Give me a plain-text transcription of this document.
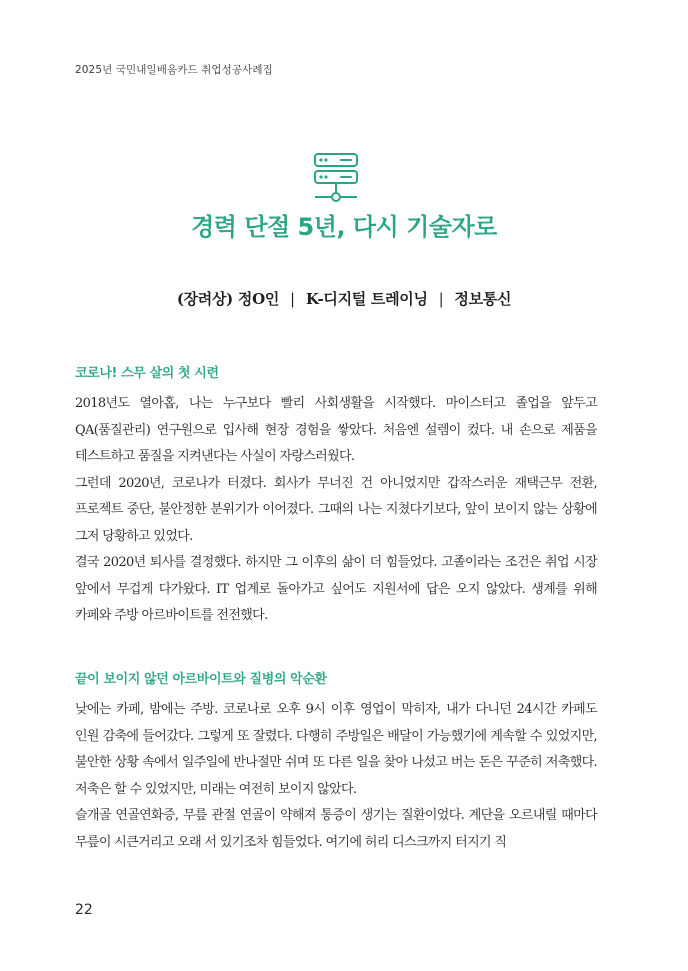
2025년 국민내일배움카드 취업성공사례집
경력 단절 5년, 다시 기술자로
(장려상) 정O인 | K-디지털 트레이닝 | 정보통신
코로나! 스무 살의 첫 시련

2018년도 열아홉, 나는 누구보다 빨리 사회생활을 시작했다. 마이스터고 졸업을 앞두고 QA(품질관리) 연구원으로 입사해 현장 경험을 쌓았다. 처음엔 설렘이 컸다. 내 손으로 제품을 테스트하고 품질을 지켜낸다는 사실이 자랑스러웠다.

그런데 2020년, 코로나가 터졌다. 회사가 무너진 건 아니었지만 갑작스러운 재택근무 전환, 프로젝트 중단, 불안정한 분위기가 이어졌다. 그때의 나는 지쳤다기보다, 앞이 보이지 않는 상황에 그저 당황하고 있었다.

결국 2020년 퇴사를 결정했다. 하지만 그 이후의 삶이 더 힘들었다. 고졸이라는 조건은 취업 시장 앞에서 무겁게 다가왔다. IT 업계로 돌아가고 싶어도 지원서에 답은 오지 않았다. 생계를 위해 카페와 주방 아르바이트를 전전했다.

끝이 보이지 않던 아르바이트와 질병의 악순환

낮에는 카페, 밤에는 주방. 코로나로 오후 9시 이후 영업이 막히자, 내가 다니던 24시간 카페도 인원 감축에 들어갔다. 그렇게 또 잘렸다. 다행히 주방일은 배달이 가능했기에 계속할 수 있었지만, 불안한 상황 속에서 일주일에 반나절만 쉬며 또 다른 일을 찾아 나섰고 버는 돈은 꾸준히 저축했다. 저축은 할 수 있었지만, 미래는 여전히 보이지 않았다.

슬개골 연골연화증, 무릎 관절 연골이 약해져 통증이 생기는 질환이었다. 계단을 오르내릴 때마다 무릎이 시큰거리고 오래 서 있기조차 힘들었다. 여기에 허리 디스크까지 터지기 직

22
